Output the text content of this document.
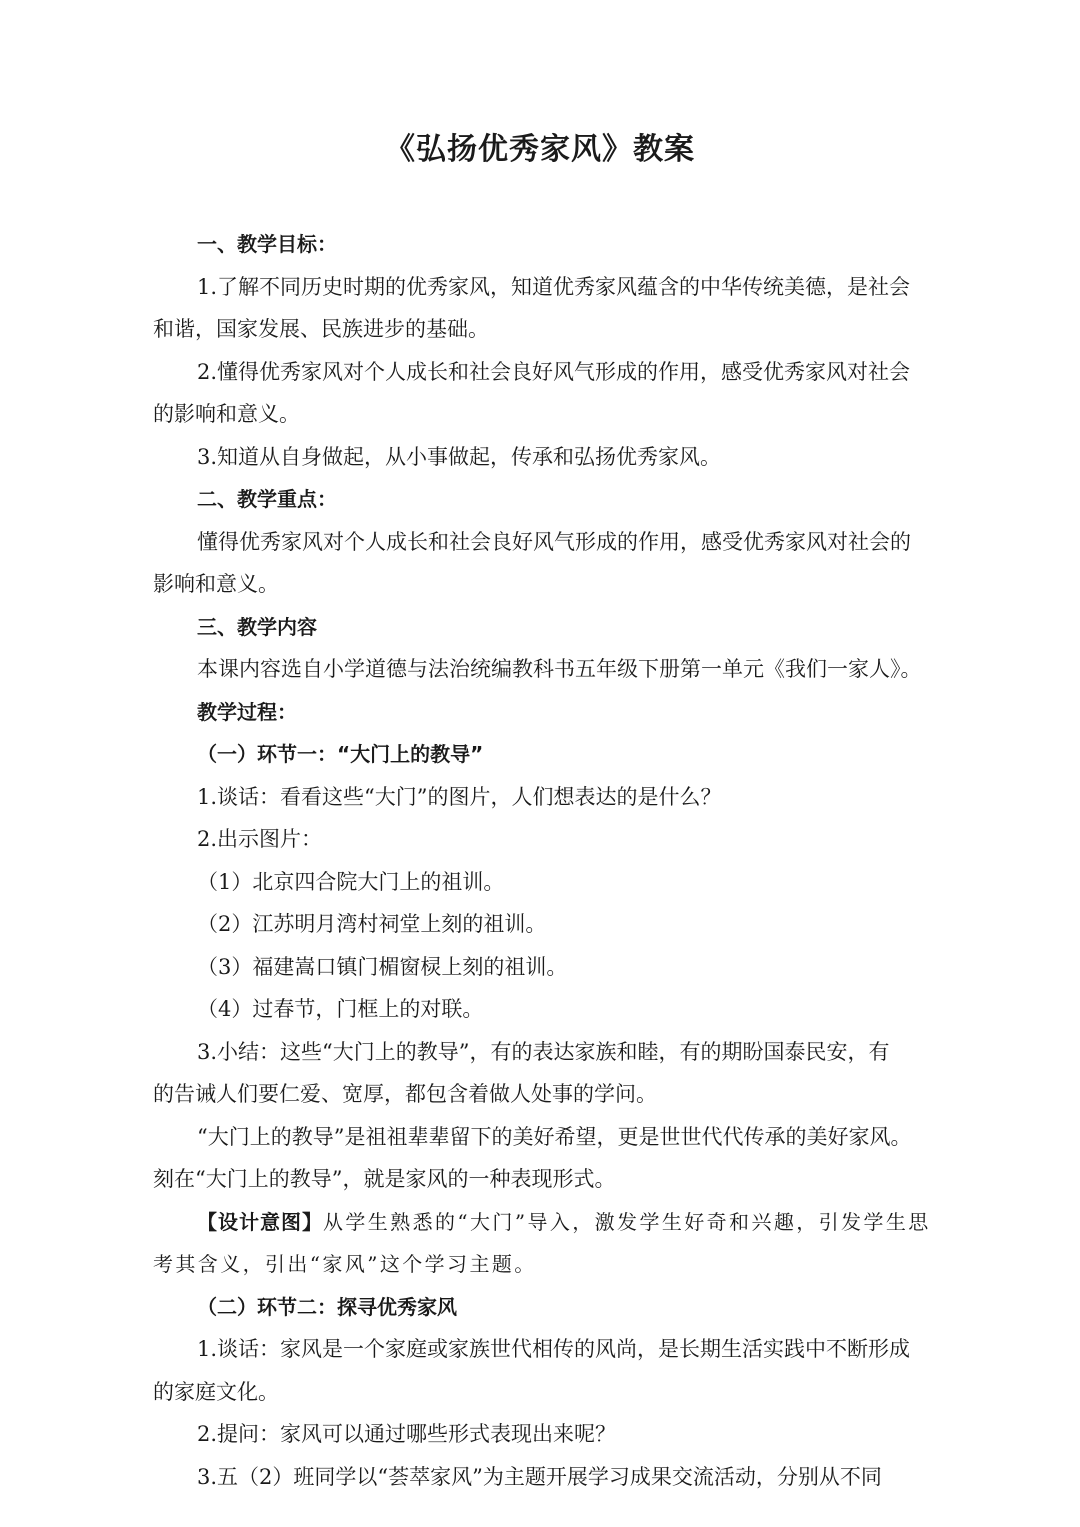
《弘扬优秀家风》教案

一、教学目标：

1.了解不同历史时期的优秀家风，知道优秀家风蕴含的中华传统美德，是社会

和谐，国家发展、民族进步的基础。

2.懂得优秀家风对个人成长和社会良好风气形成的作用，感受优秀家风对社会

的影响和意义。

3.知道从自身做起，从小事做起，传承和弘扬优秀家风。

二、教学重点：

懂得优秀家风对个人成长和社会良好风气形成的作用，感受优秀家风对社会的

影响和意义。

三、教学内容

本课内容选自小学道德与法治统编教科书五年级下册第一单元《我们一家人》。

教学过程：

（一）环节一：“大门上的教导”

1.谈话：看看这些“大门”的图片，人们想表达的是什么？

2.出示图片：

（1）北京四合院大门上的祖训。

（2）江苏明月湾村祠堂上刻的祖训。

（3）福建嵩口镇门楣窗棂上刻的祖训。

（4）过春节，门框上的对联。

3.小结：这些“大门上的教导”，有的表达家族和睦，有的期盼国泰民安，有

的告诫人们要仁爱、宽厚，都包含着做人处事的学问。

“大门上的教导”是祖祖辈辈留下的美好希望，更是世世代代传承的美好家风。

刻在“大门上的教导”，就是家风的一种表现形式。

【设计意图】从学生熟悉的“大门”导入，激发学生好奇和兴趣，引发学生思

考其含义，引出“家风”这个学习主题。

（二）环节二：探寻优秀家风

1.谈话：家风是一个家庭或家族世代相传的风尚，是长期生活实践中不断形成

的家庭文化。

2.提问：家风可以通过哪些形式表现出来呢？

3.五（2）班同学以“荟萃家风”为主题开展学习成果交流活动，分别从不同
